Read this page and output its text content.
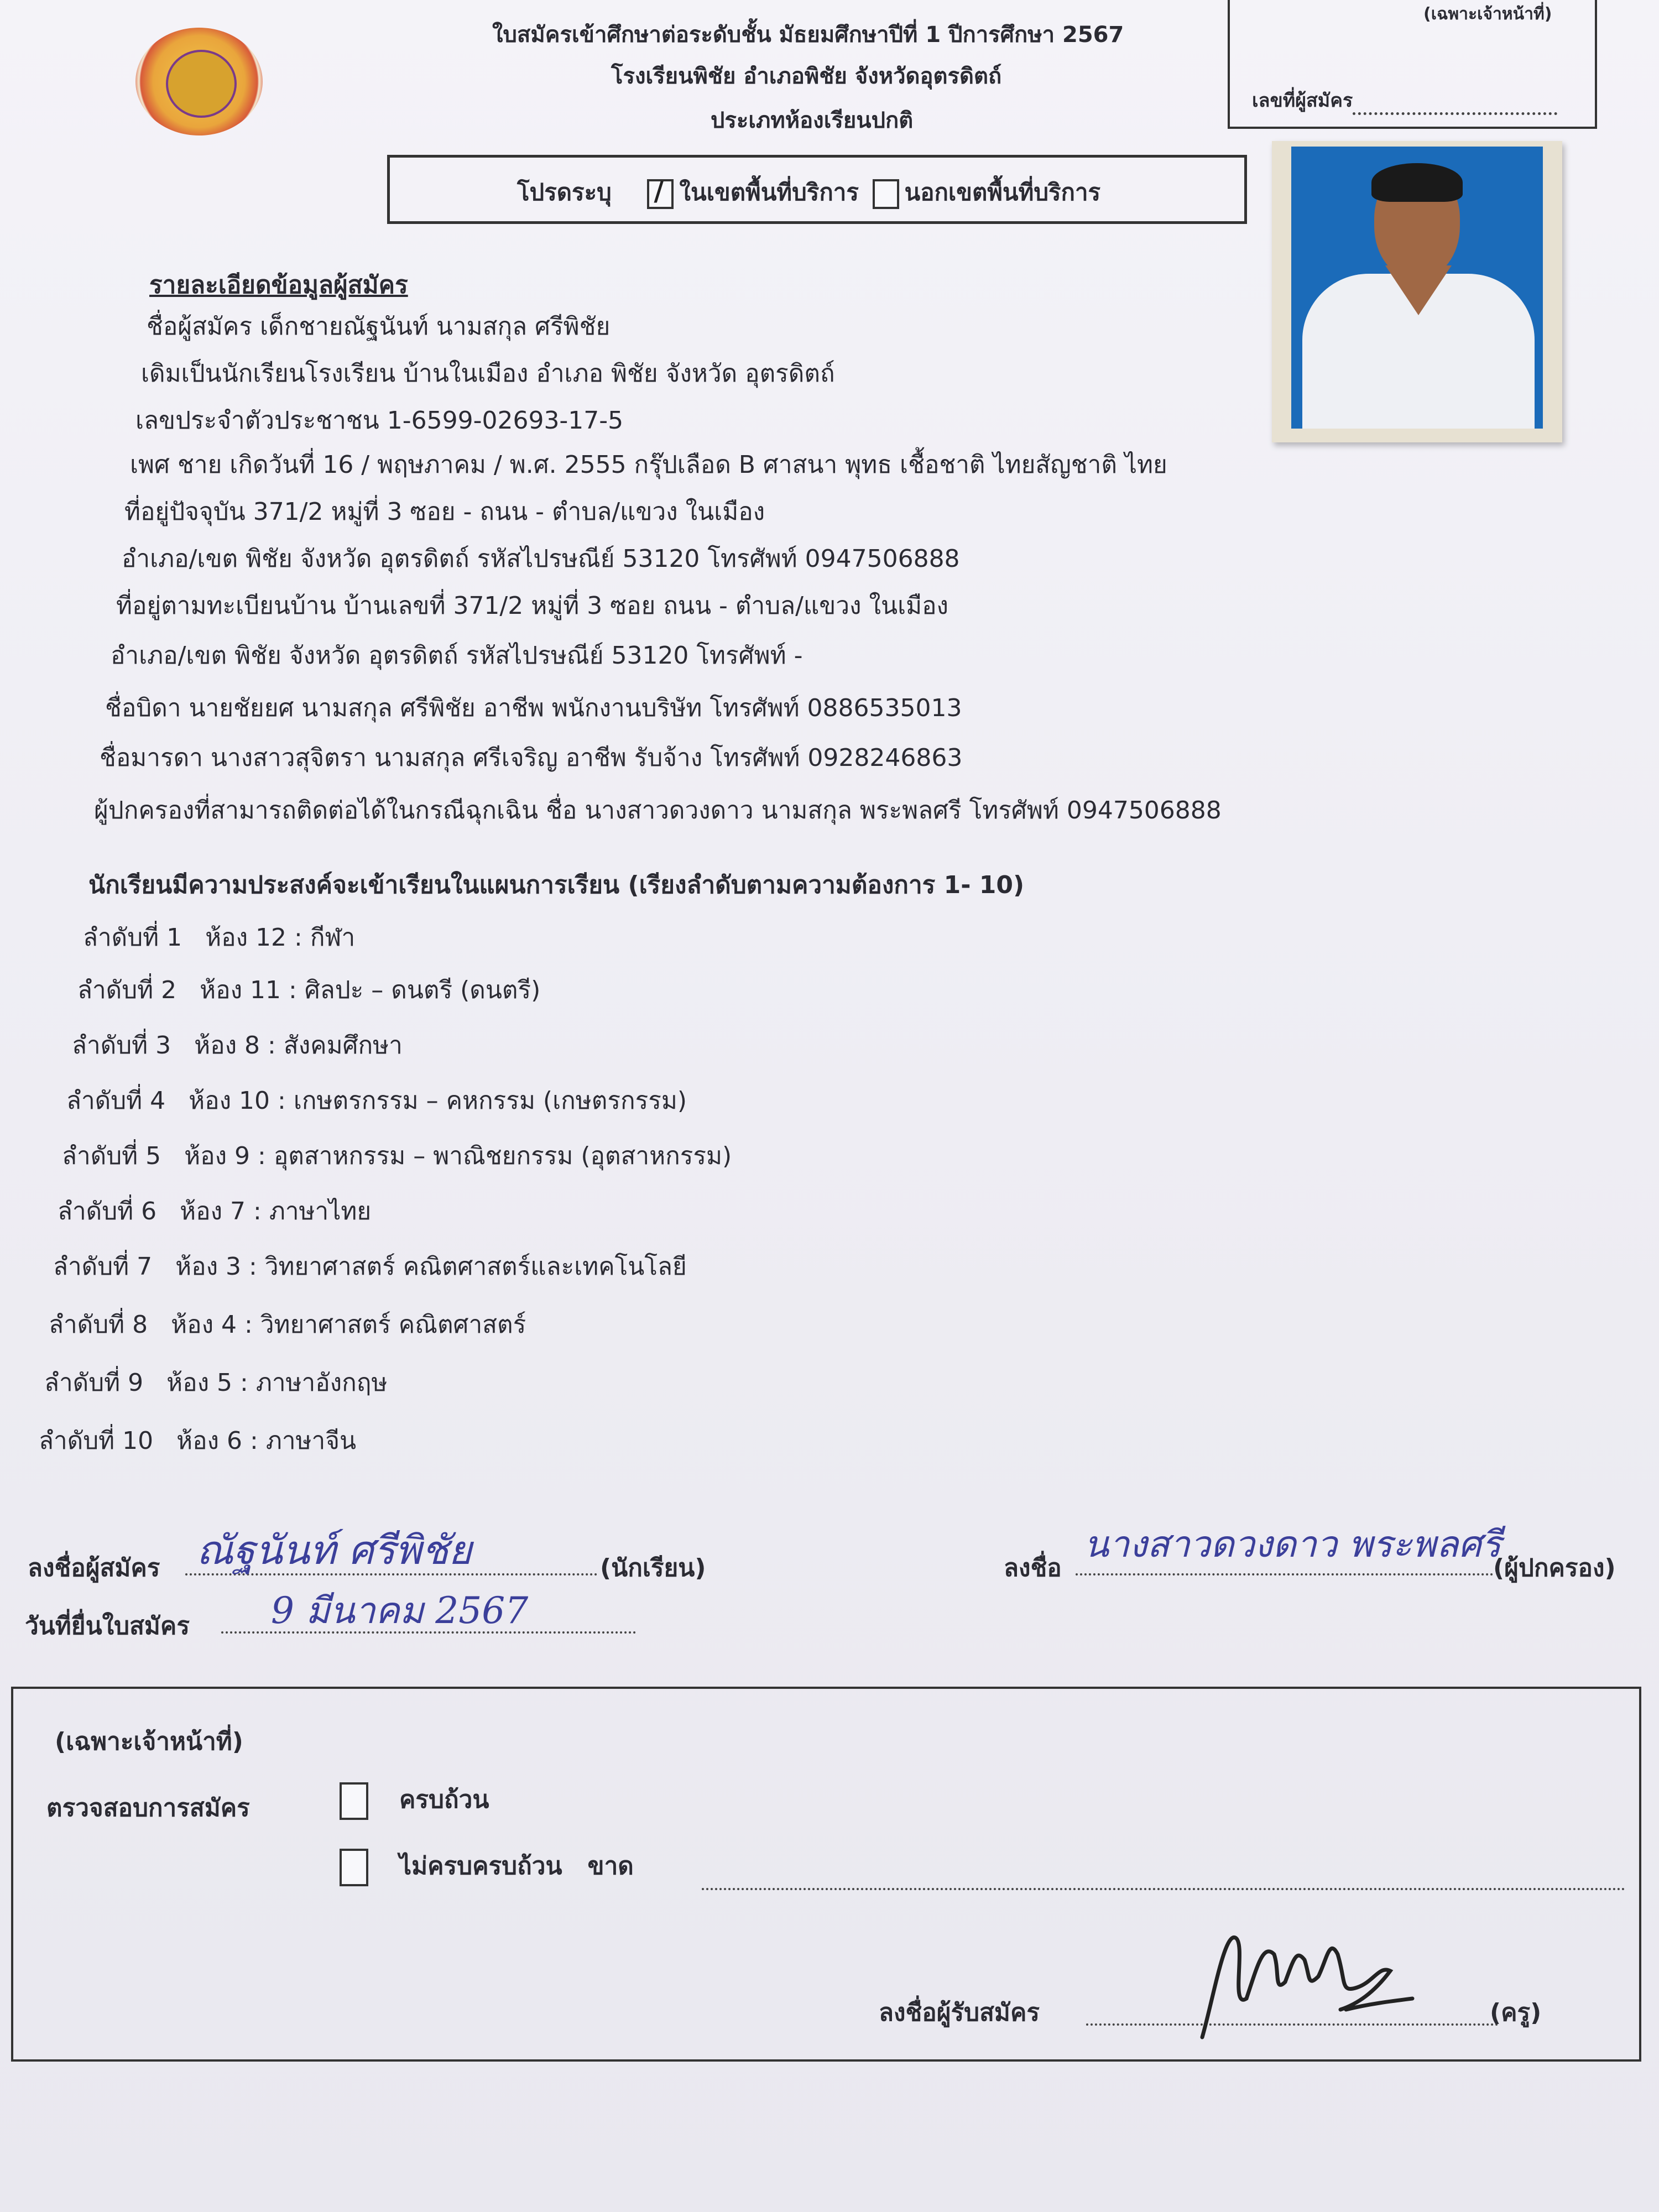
ใบสมัครเข้าศึกษาต่อระดับชั้น มัธยมศึกษาปีที่ 1 ปีการศึกษา 2567
โรงเรียนพิชัย อำเภอพิชัย จังหวัดอุตรดิตถ์
ประเภทห้องเรียนปกติ
(เฉพาะเจ้าหน้าที่)
เลขที่ผู้สมัคร
โปรดระบุ /	ในเขตพื้นที่บริการ นอกเขตพื้นที่บริการ
รายละเอียดข้อมูลผู้สมัคร
ชื่อผู้สมัคร เด็กชายณัฐนันท์ นามสกุล ศรีพิชัย
เดิมเป็นนักเรียนโรงเรียน บ้านในเมือง อำเภอ พิชัย จังหวัด อุตรดิตถ์
เลขประจำตัวประชาชน 1-6599-02693-17-5
เพศ ชาย เกิดวันที่ 16 / พฤษภาคม / พ.ศ. 2555 กรุ๊ปเลือด B ศาสนา พุทธ เชื้อชาติ ไทยสัญชาติ ไทย
ที่อยู่ปัจจุบัน 371/2 หมู่ที่ 3 ซอย - ถนน - ตำบล/แขวง ในเมือง
อำเภอ/เขต พิชัย จังหวัด อุตรดิตถ์ รหัสไปรษณีย์ 53120 โทรศัพท์ 0947506888
ที่อยู่ตามทะเบียนบ้าน บ้านเลขที่ 371/2 หมู่ที่ 3 ซอย ถนน - ตำบล/แขวง ในเมือง
อำเภอ/เขต พิชัย จังหวัด อุตรดิตถ์ รหัสไปรษณีย์ 53120 โทรศัพท์ -
ชื่อบิดา นายชัยยศ นามสกุล ศรีพิชัย อาชีพ พนักงานบริษัท โทรศัพท์ 0886535013
ชื่อมารดา นางสาวสุจิตรา นามสกุล ศรีเจริญ อาชีพ รับจ้าง โทรศัพท์ 0928246863
ผู้ปกครองที่สามารถติดต่อได้ในกรณีฉุกเฉิน ชื่อ นางสาวดวงดาว นามสกุล พระพลศรี โทรศัพท์ 0947506888
นักเรียนมีความประสงค์จะเข้าเรียนในแผนการเรียน (เรียงลำดับตามความต้องการ 1- 10)
ลำดับที่ 1 ห้อง 12 : กีฬา
ลำดับที่ 2 ห้อง 11 : ศิลปะ – ดนตรี (ดนตรี)
ลำดับที่ 3 ห้อง 8 : สังคมศึกษา
ลำดับที่ 4 ห้อง 10 : เกษตรกรรม – คหกรรม (เกษตรกรรม)
ลำดับที่ 5 ห้อง 9 : อุตสาหกรรม – พาณิชยกรรม (อุตสาหกรรม)
ลำดับที่ 6 ห้อง 7 : ภาษาไทย
ลำดับที่ 7 ห้อง 3 : วิทยาศาสตร์ คณิตศาสตร์และเทคโนโลยี
ลำดับที่ 8 ห้อง 4 : วิทยาศาสตร์ คณิตศาสตร์
ลำดับที่ 9 ห้อง 5 : ภาษาอังกฤษ
ลำดับที่ 10 ห้อง 6 : ภาษาจีน
ลงชื่อผู้สมัคร ณัฐนันท์ ศรีพิชัย	(นักเรียน)	ลงชื่อ
นางสาวดวงดาว พระพลศรี
(ผู้ปกครอง)
วันที่ยื่นใบสมัคร 9 มีนาคม 2567
(เฉพาะเจ้าหน้าที่)
ตรวจสอบการสมัคร	ครบถ้วน
ไม่ครบครบถ้วน ขาด
ลงชื่อผู้รับสมัคร	(ครู)
